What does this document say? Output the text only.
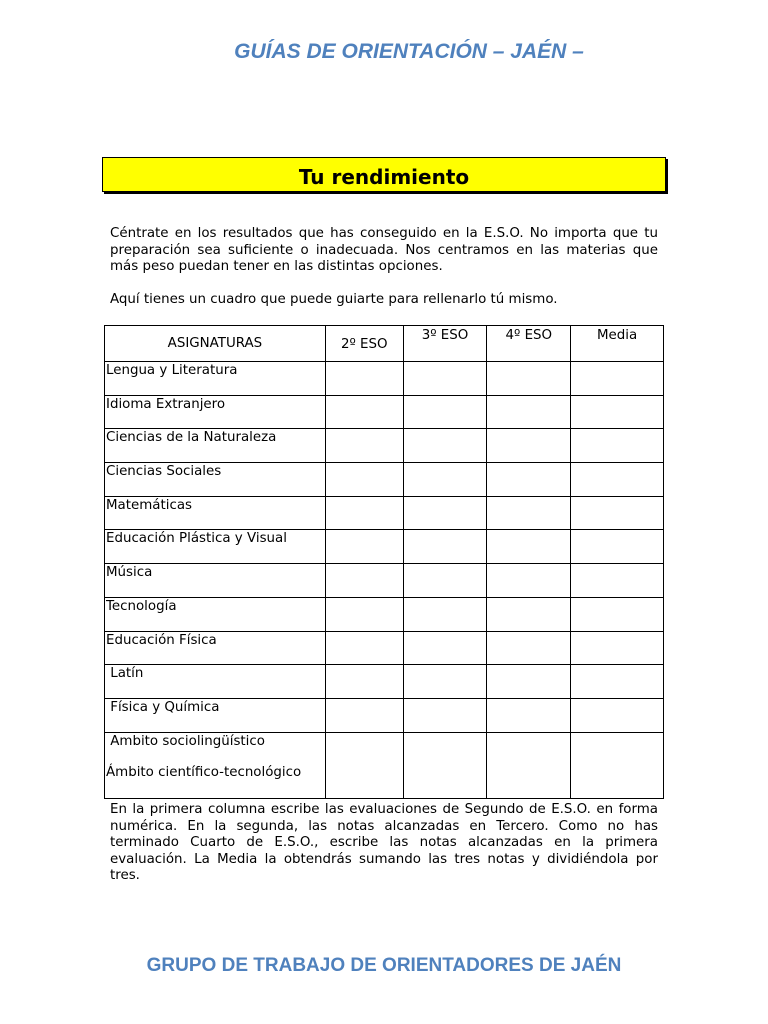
GUÍAS DE ORIENTACIÓN – JAÉN –
Tu rendimiento

Céntrate en los resultados que has conseguido en la E.S.O. No importa que tu preparación sea suficiente o inadecuada. Nos centramos en las materias que más peso puedan tener en las distintas opciones.

Aquí tienes un cuadro que puede guiarte para rellenarlo tú mismo.

ASIGNATURAS	2º ESO	3º ESO	4º ESO	Media
Lengua y Literatura				
Idioma Extranjero				
Ciencias de la Naturaleza				
Ciencias Sociales				
Matemáticas				
Educación Plástica y Visual				
Música				
Tecnología				
Educación Física				
Latín				
Física y Química				
Ambito sociolingüístico
Ámbito científico-tecnológico				

En la primera columna escribe las evaluaciones de Segundo de E.S.O. en forma numérica. En la segunda, las notas alcanzadas en Tercero. Como no has terminado Cuarto de E.S.O., escribe las notas alcanzadas en la primera evaluación. La Media la obtendrás sumando las tres notas y dividiéndola por tres.

GRUPO DE TRABAJO DE ORIENTADORES DE JAÉN
